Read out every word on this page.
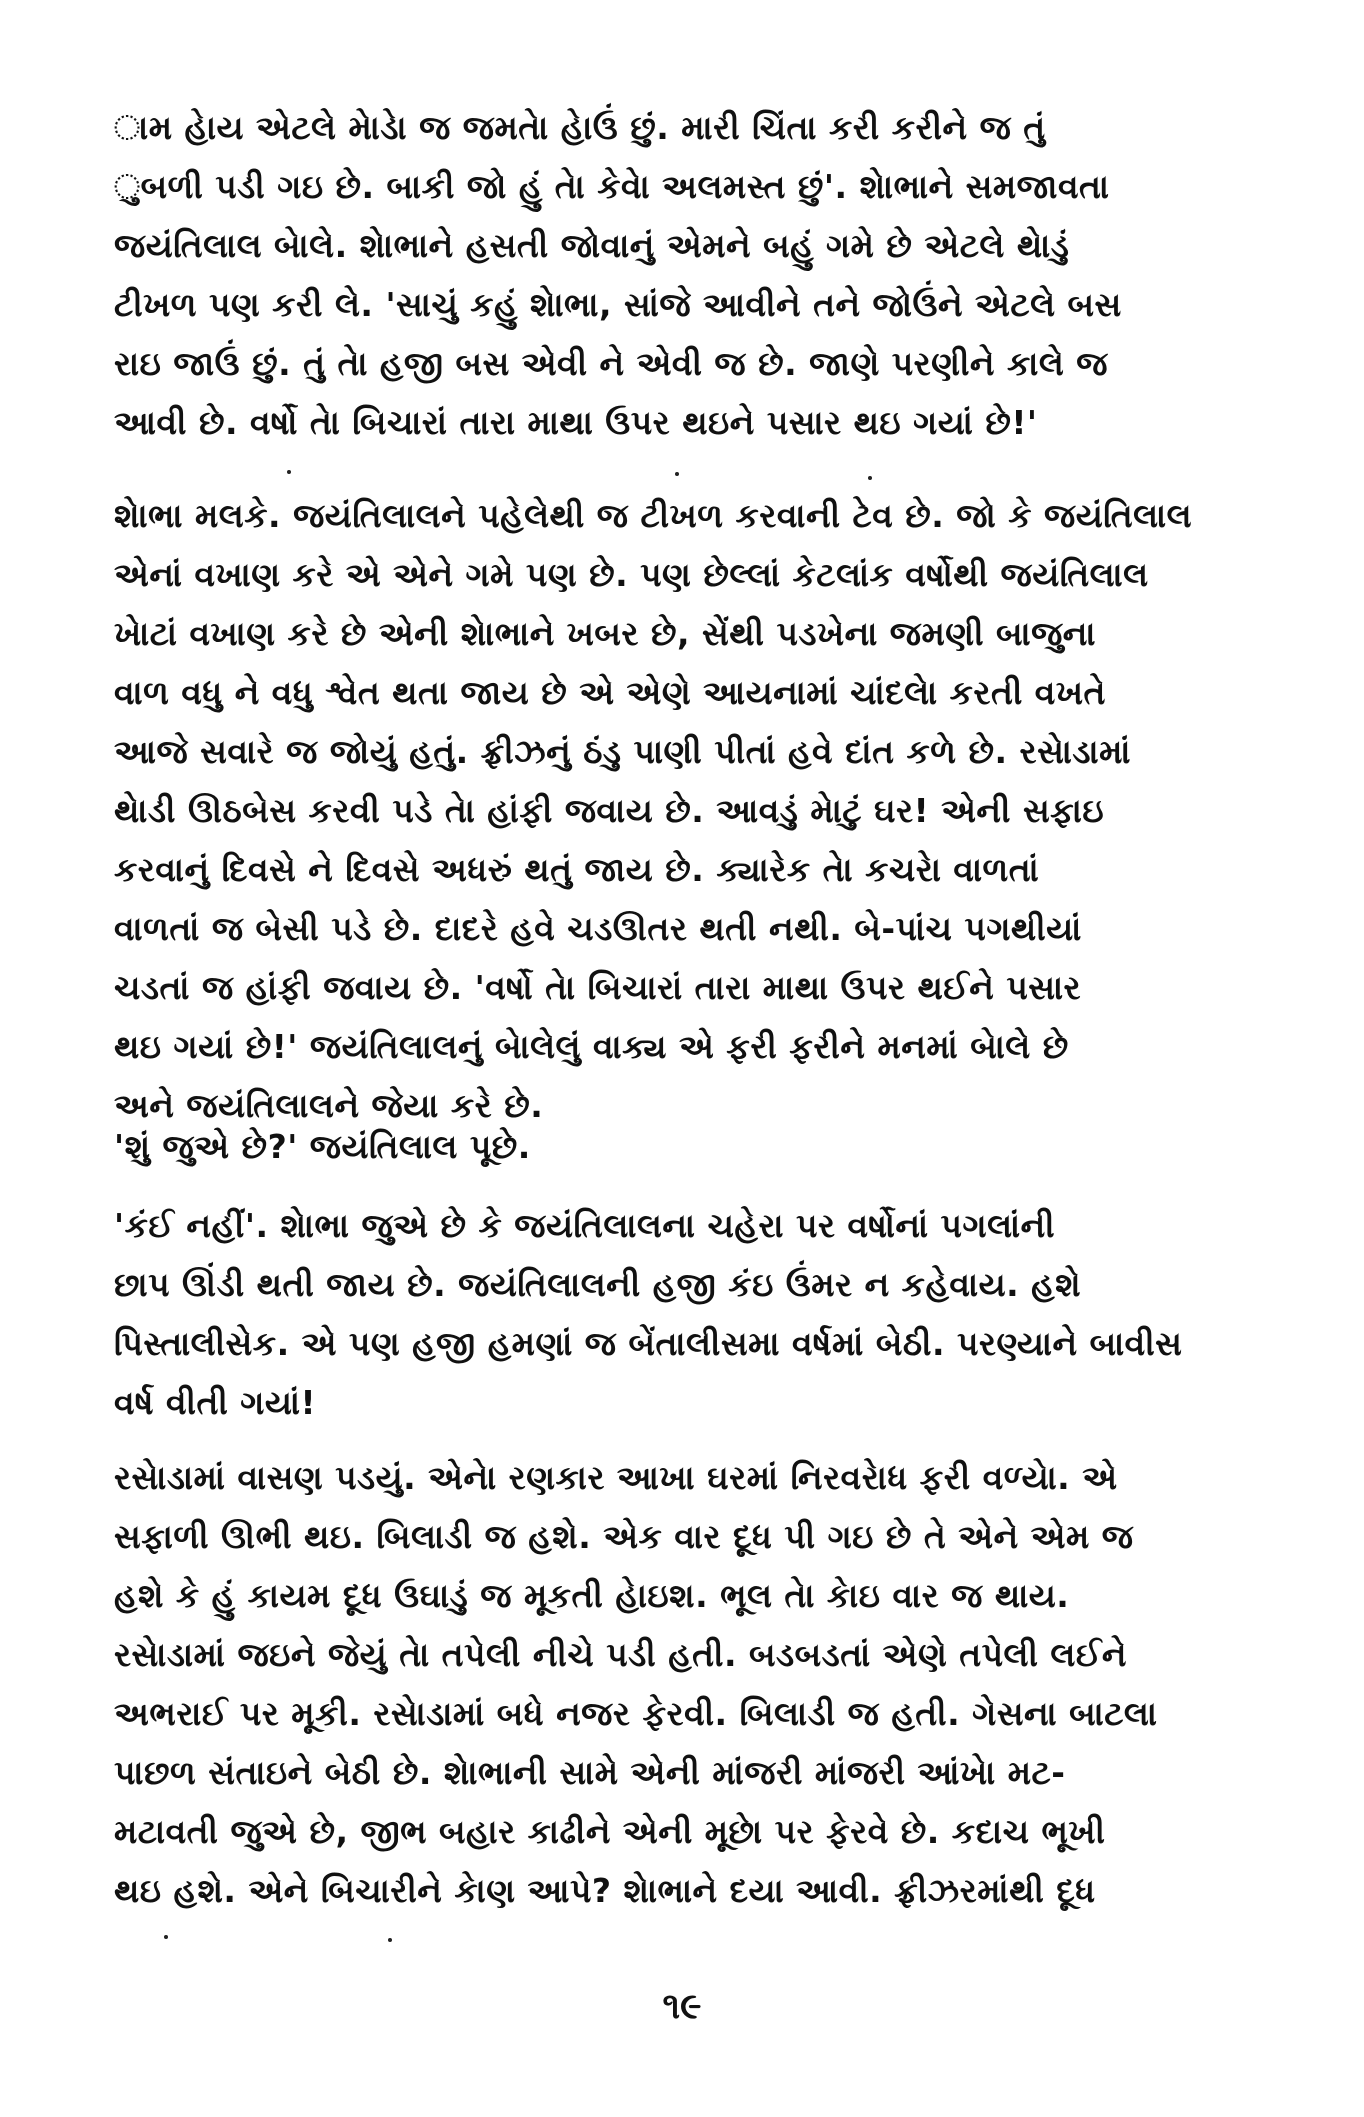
ામ હેાય એટલે મેાડેા જ જમતેા હેાઉં છું. મારી ચિંતા કરી કરીને જ તું
ુબળી પડી ગઇ છે. બાકી જો હું તેા કેવેા અલમસ્ત છું'. શેાભાને સમજાવતા
જયંતિલાલ બેાલે. શેાભાને હસતી જોવાનું એમને બહું ગમે છે એટલે થેાડું
ટીખળ પણ કરી લે. 'સાચું કહું શેાભા, સાંજે આવીને તને જોઉંને એટલે બસ
રાઇ જાઉં છું. તું તેા હજી બસ એવી ને એવી જ છે. જાણે પરણીને કાલે જ
આવી છે. વર્ષો તેા બિચારાં તારા માથા ઉપર થઇને પસાર થઇ ગયાં છે!'
શેાભા મલકે. જયંતિલાલને પહેલેથી જ ટીખળ કરવાની ટેવ છે. જો કે જયંતિલાલ
એનાં વખાણ કરે એ એને ગમે પણ છે. પણ છેલ્લાં કેટલાંક વર્ષોથી જયંતિલાલ
ખેાટાં વખાણ કરે છે એની શેાભાને ખબર છે, સેંથી પડખેના જમણી બાજુના
વાળ વધુ ને વધુ શ્વેત થતા જાય છે એ એણે આયનામાં ચાંદલેા કરતી વખતે
આજે સવારે જ જોયું હતું. ફ્રીઝનું ઠંડુ પાણી પીતાં હવે દાંત કળે છે. રસેાડામાં
થેાડી ઊઠબેસ કરવી પડે તેા હાંફી જવાય છે. આવડું મેાટું ઘર! એની સફાઇ
કરવાનું દિવસે ને દિવસે અધરું થતું જાય છે. ક્યારેક તેા કચરેા વાળતાં
વાળતાં જ બેસી પડે છે. દાદરે હવે ચડઊતર થતી નથી. બે-પાંચ પગથીયાં
ચડતાં જ હાંફી જવાય છે. 'વર્ષો તેા બિચારાં તારા માથા ઉપર થઈને પસાર
થઇ ગયાં છે!' જયંતિલાલનું બેાલેલું વાક્ય એ ફરી ફરીને મનમાં બેાલે છે
અને જયંતિલાલને જેયા કરે છે.
'શું જુએ છે?' જયંતિલાલ પૂછે.
'કંઈ નહીં'. શેાભા જુએ છે કે જયંતિલાલના ચહેરા પર વર્ષોનાં પગલાંની
છાપ ઊંડી થતી જાય છે. જયંતિલાલની હજી કંઇ ઉંમર ન કહેવાય. હશે
પિસ્તાલીસેક. એ પણ હજી હમણાં જ બેંતાલીસમા વર્ષમાં બેઠી. પરણ્યાને બાવીસ
વર્ષ વીતી ગયાં!
રસેાડામાં વાસણ પડયું. એનેા રણકાર આખા ઘરમાં નિરવરેાધ ફરી વળ્યેા. એ
સફાળી ઊભી થઇ. બિલાડી જ હશે. એક વાર દૂધ પી ગઇ છે તે એને એમ જ
હશે કે હું કાયમ દૂધ ઉઘાડું જ મૂકતી હેાઇશ. ભૂલ તેા કેાઇ વાર જ થાય.
રસેાડામાં જઇને જેયું તેા તપેલી નીચે પડી હતી. બડબડતાં એણે તપેલી લઈને
અભરાઈ પર મૂકી. રસેાડામાં બધે નજર ફેરવી. બિલાડી જ હતી. ગેસના બાટલા
પાછળ સંતાઇને બેઠી છે. શેાભાની સામે એની માંજરી માંજરી આંખેા મટ-
મટાવતી જુએ છે, જીભ બહાર કાઢીને એની મૂછેા પર ફેરવે છે. કદાચ ભૂખી
થઇ હશે. એને બિચારીને કેાણ આપે? શેાભાને દયા આવી. ફ્રીઝરમાંથી દૂધ
૧૯
